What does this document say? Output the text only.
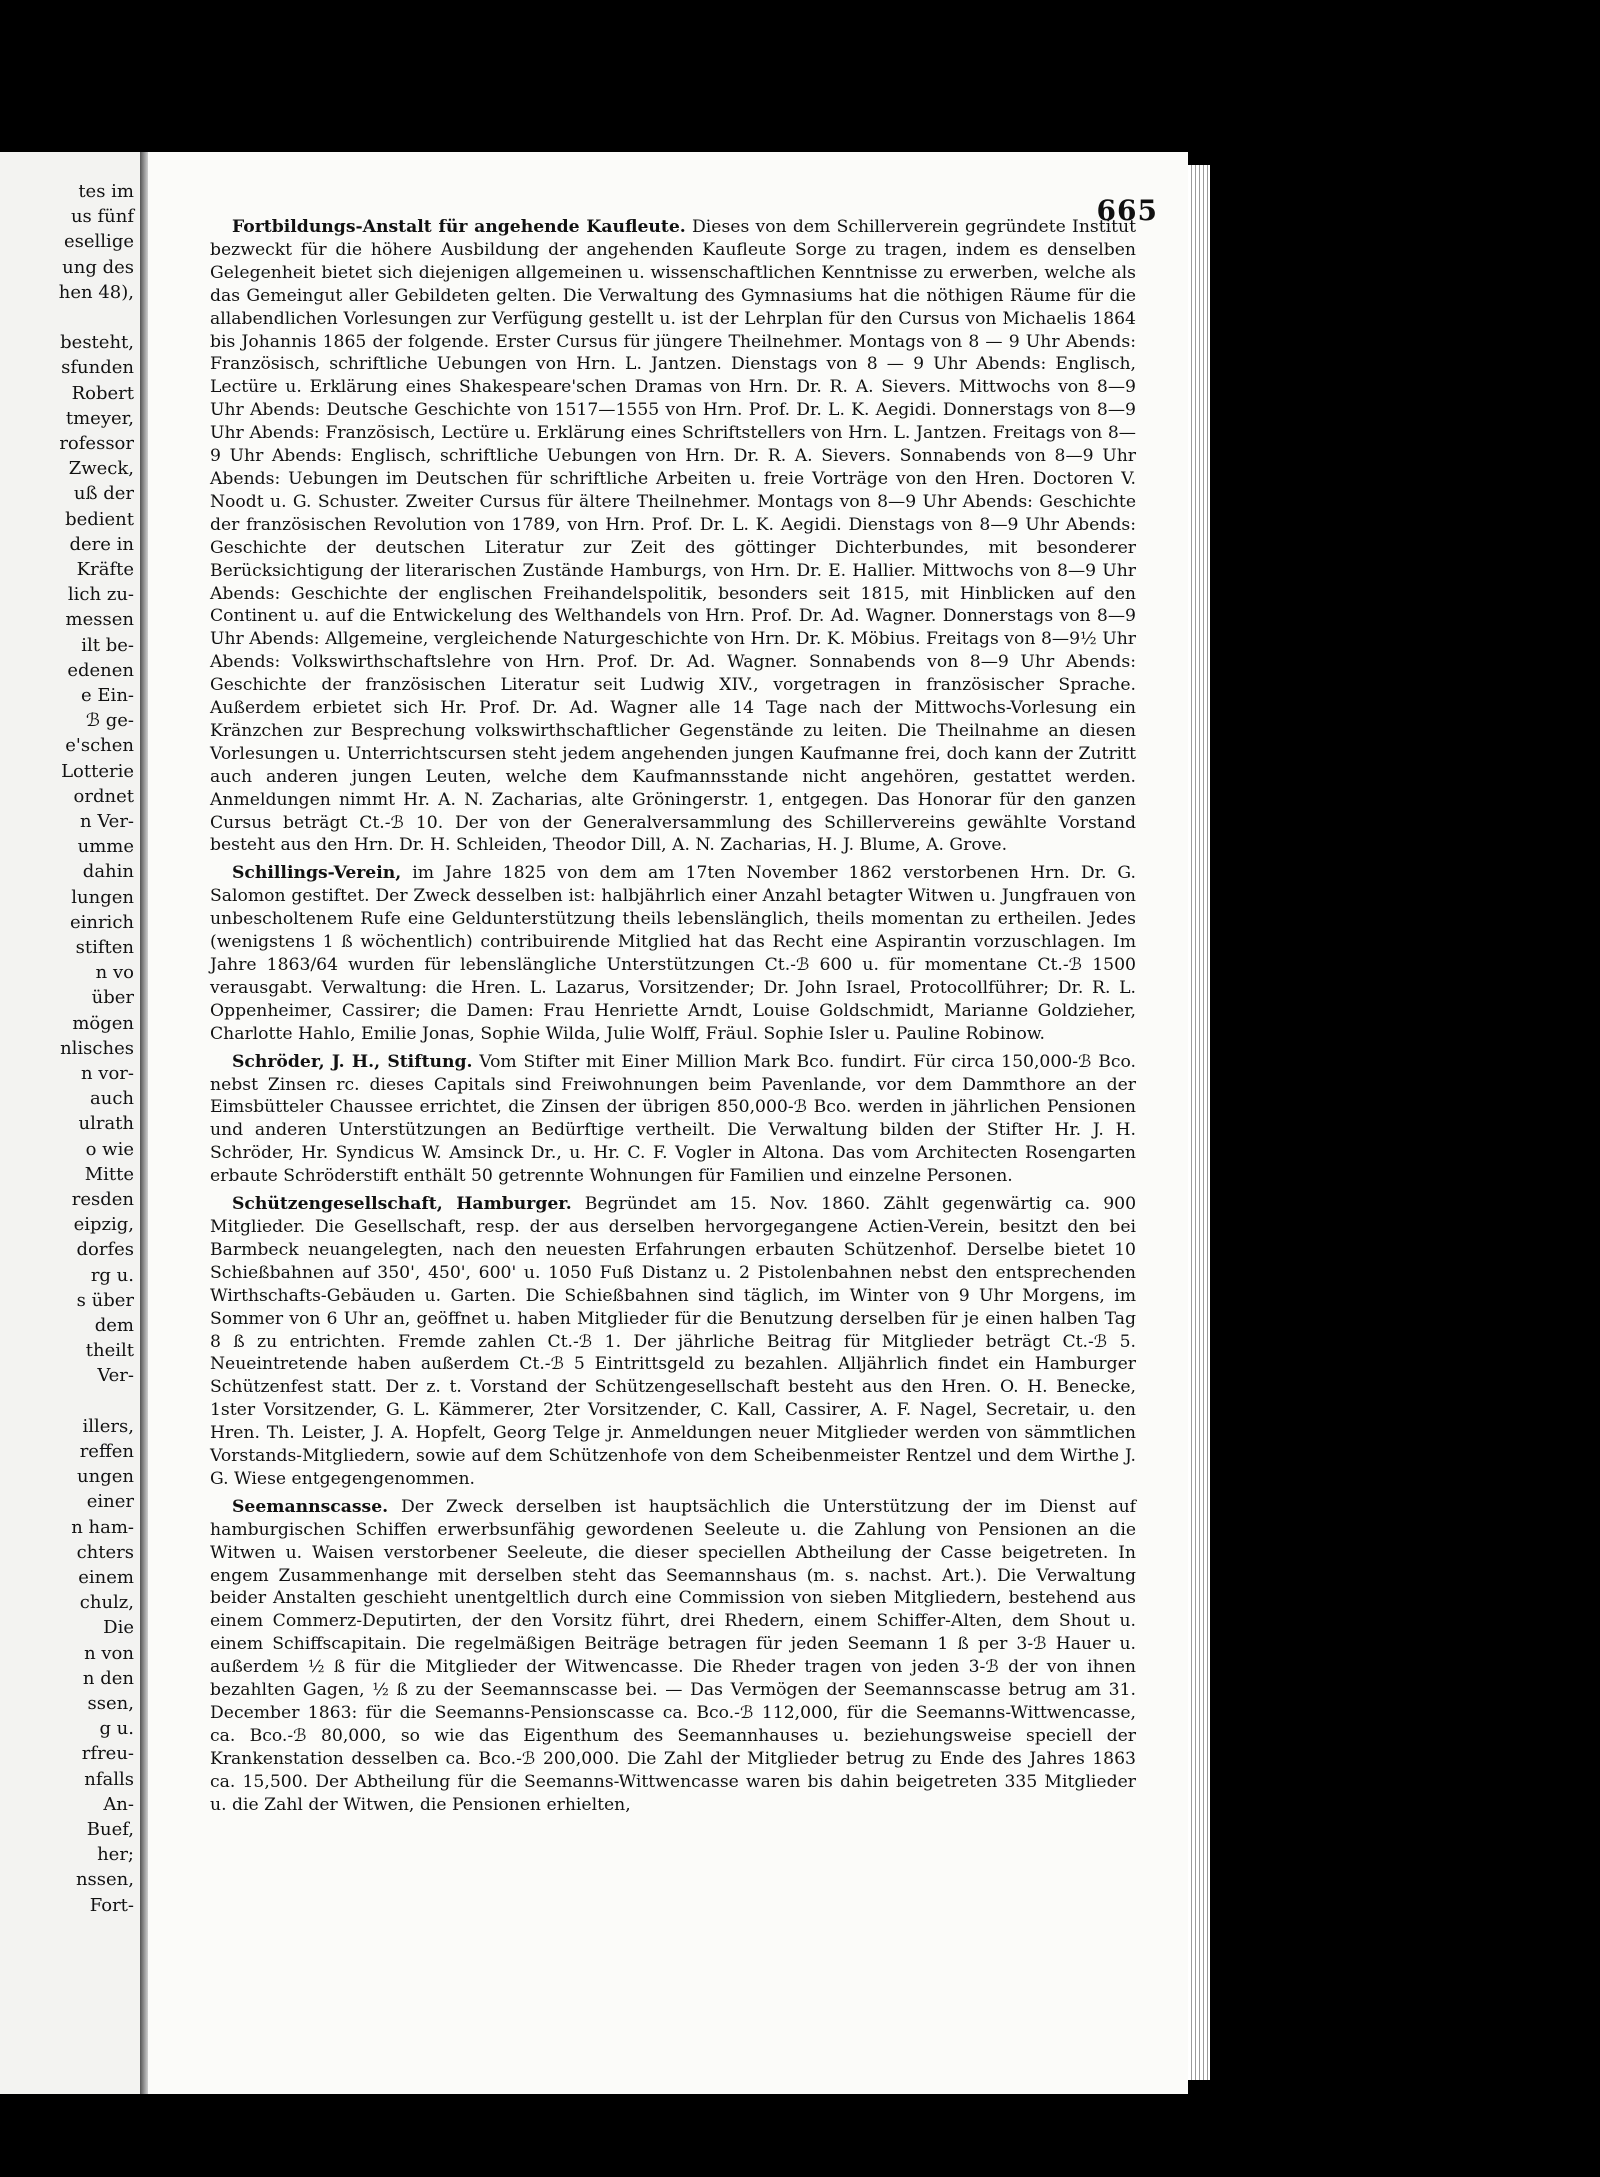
tes im
us fünf
esellige
ung des
hen 48),
besteht,
sfunden
Robert
tmeyer,
rofessor
Zweck,
uß der
bedient
dere in
Kräfte
lich zu-
messen
ilt be-
edenen
e Ein-
ℬ ge-
e'schen
Lotterie
ordnet
n Ver-
umme
dahin
lungen
einrich
stiften
n vo
über
mögen
nlisches
n vor-
auch
ulrath
o wie
Mitte
resden
eipzig,
dorfes
rg u.
s über
dem
theilt
Ver-
illers,
reffen
ungen
einer
n ham-
chters
einem
chulz,
Die
n von
n den
ssen,
g u.
rfreu-
nfalls
An-
Buef,
her;
nssen,
Fort-
665

Fortbildungs-Anstalt für angehende Kaufleute. Dieses von dem Schillerverein gegründete Institut bezweckt für die höhere Ausbildung der angehenden Kaufleute Sorge zu tragen, indem es denselben Gelegenheit bietet sich diejenigen allgemeinen u. wissenschaftlichen Kenntnisse zu erwerben, welche als das Gemeingut aller Gebildeten gelten. Die Verwaltung des Gymnasiums hat die nöthigen Räume für die allabendlichen Vorlesungen zur Verfügung gestellt u. ist der Lehrplan für den Cursus von Michaelis 1864 bis Johannis 1865 der folgende. Erster Cursus für jüngere Theilnehmer. Montags von 8 — 9 Uhr Abends: Französisch, schriftliche Uebungen von Hrn. L. Jantzen. Dienstags von 8 — 9 Uhr Abends: Englisch, Lectüre u. Erklärung eines Shakespeare'schen Dramas von Hrn. Dr. R. A. Sievers. Mittwochs von 8—9 Uhr Abends: Deutsche Geschichte von 1517—1555 von Hrn. Prof. Dr. L. K. Aegidi. Donnerstags von 8—9 Uhr Abends: Französisch, Lectüre u. Erklärung eines Schriftstellers von Hrn. L. Jantzen. Freitags von 8—9 Uhr Abends: Englisch, schriftliche Uebungen von Hrn. Dr. R. A. Sievers. Sonnabends von 8—9 Uhr Abends: Uebungen im Deutschen für schriftliche Arbeiten u. freie Vorträge von den Hren. Doctoren V. Noodt u. G. Schuster. Zweiter Cursus für ältere Theilnehmer. Montags von 8—9 Uhr Abends: Geschichte der französischen Revolution von 1789, von Hrn. Prof. Dr. L. K. Aegidi. Dienstags von 8—9 Uhr Abends: Geschichte der deutschen Literatur zur Zeit des göttinger Dichterbundes, mit besonderer Berücksichtigung der literarischen Zustände Hamburgs, von Hrn. Dr. E. Hallier. Mittwochs von 8—9 Uhr Abends: Geschichte der englischen Freihandelspolitik, besonders seit 1815, mit Hinblicken auf den Continent u. auf die Entwickelung des Welthandels von Hrn. Prof. Dr. Ad. Wagner. Donnerstags von 8—9 Uhr Abends: Allgemeine, vergleichende Naturgeschichte von Hrn. Dr. K. Möbius. Freitags von 8—9½ Uhr Abends: Volkswirthschaftslehre von Hrn. Prof. Dr. Ad. Wagner. Sonnabends von 8—9 Uhr Abends: Geschichte der französischen Literatur seit Ludwig XIV., vorgetragen in französischer Sprache. Außerdem erbietet sich Hr. Prof. Dr. Ad. Wagner alle 14 Tage nach der Mittwochs-Vorlesung ein Kränzchen zur Besprechung volkswirthschaftlicher Gegenstände zu leiten. Die Theilnahme an diesen Vorlesungen u. Unterrichtscursen steht jedem angehenden jungen Kaufmanne frei, doch kann der Zutritt auch anderen jungen Leuten, welche dem Kaufmannsstande nicht angehören, gestattet werden. Anmeldungen nimmt Hr. A. N. Zacharias, alte Gröningerstr. 1, entgegen. Das Honorar für den ganzen Cursus beträgt Ct.-ℬ 10. Der von der Generalversammlung des Schillervereins gewählte Vorstand besteht aus den Hrn. Dr. H. Schleiden, Theodor Dill, A. N. Zacharias, H. J. Blume, A. Grove.

Schillings-Verein, im Jahre 1825 von dem am 17ten November 1862 verstorbenen Hrn. Dr. G. Salomon gestiftet. Der Zweck desselben ist: halbjährlich einer Anzahl betagter Witwen u. Jungfrauen von unbescholtenem Rufe eine Geldunterstützung theils lebenslänglich, theils momentan zu ertheilen. Jedes (wenigstens 1 ß wöchentlich) contribuirende Mitglied hat das Recht eine Aspirantin vorzuschlagen. Im Jahre 1863/64 wurden für lebenslängliche Unterstützungen Ct.-ℬ 600 u. für momentane Ct.-ℬ 1500 verausgabt. Verwaltung: die Hren. L. Lazarus, Vorsitzender; Dr. John Israel, Protocollführer; Dr. R. L. Oppenheimer, Cassirer; die Damen: Frau Henriette Arndt, Louise Goldschmidt, Marianne Goldzieher, Charlotte Hahlo, Emilie Jonas, Sophie Wilda, Julie Wolff, Fräul. Sophie Isler u. Pauline Robinow.

Schröder, J. H., Stiftung. Vom Stifter mit Einer Million Mark Bco. fundirt. Für circa 150,000-ℬ Bco. nebst Zinsen rc. dieses Capitals sind Freiwohnungen beim Pavenlande, vor dem Dammthore an der Eimsbütteler Chaussee errichtet, die Zinsen der übrigen 850,000-ℬ Bco. werden in jährlichen Pensionen und anderen Unterstützungen an Bedürftige vertheilt. Die Verwaltung bilden der Stifter Hr. J. H. Schröder, Hr. Syndicus W. Amsinck Dr., u. Hr. C. F. Vogler in Altona. Das vom Architecten Rosengarten erbaute Schröderstift enthält 50 getrennte Wohnungen für Familien und einzelne Personen.

Schützengesellschaft, Hamburger. Begründet am 15. Nov. 1860. Zählt gegenwärtig ca. 900 Mitglieder. Die Gesellschaft, resp. der aus derselben hervorgegangene Actien-Verein, besitzt den bei Barmbeck neuangelegten, nach den neuesten Erfahrungen erbauten Schützenhof. Derselbe bietet 10 Schießbahnen auf 350', 450', 600' u. 1050 Fuß Distanz u. 2 Pistolenbahnen nebst den entsprechenden Wirthschafts-Gebäuden u. Garten. Die Schießbahnen sind täglich, im Winter von 9 Uhr Morgens, im Sommer von 6 Uhr an, geöffnet u. haben Mitglieder für die Benutzung derselben für je einen halben Tag 8 ß zu entrichten. Fremde zahlen Ct.-ℬ 1. Der jährliche Beitrag für Mitglieder beträgt Ct.-ℬ 5. Neueintretende haben außerdem Ct.-ℬ 5 Eintrittsgeld zu bezahlen. Alljährlich findet ein Hamburger Schützenfest statt. Der z. t. Vorstand der Schützengesellschaft besteht aus den Hren. O. H. Benecke, 1ster Vorsitzender, G. L. Kämmerer, 2ter Vorsitzender, C. Kall, Cassirer, A. F. Nagel, Secretair, u. den Hren. Th. Leister, J. A. Hopfelt, Georg Telge jr. Anmeldungen neuer Mitglieder werden von sämmtlichen Vorstands-Mitgliedern, sowie auf dem Schützenhofe von dem Scheibenmeister Rentzel und dem Wirthe J. G. Wiese entgegengenommen.

Seemannscasse. Der Zweck derselben ist hauptsächlich die Unterstützung der im Dienst auf hamburgischen Schiffen erwerbsunfähig gewordenen Seeleute u. die Zahlung von Pensionen an die Witwen u. Waisen verstorbener Seeleute, die dieser speciellen Abtheilung der Casse beigetreten. In engem Zusammenhange mit derselben steht das Seemannshaus (m. s. nachst. Art.). Die Verwaltung beider Anstalten geschieht unentgeltlich durch eine Commission von sieben Mitgliedern, bestehend aus einem Commerz-Deputirten, der den Vorsitz führt, drei Rhedern, einem Schiffer-Alten, dem Shout u. einem Schiffscapitain. Die regelmäßigen Beiträge betragen für jeden Seemann 1 ß per 3-ℬ Hauer u. außerdem ½ ß für die Mitglieder der Witwencasse. Die Rheder tragen von jeden 3-ℬ der von ihnen bezahlten Gagen, ½ ß zu der Seemannscasse bei. — Das Vermögen der Seemannscasse betrug am 31. December 1863: für die Seemanns-Pensionscasse ca. Bco.-ℬ 112,000, für die Seemanns-Wittwencasse, ca. Bco.-ℬ 80,000, so wie das Eigenthum des Seemannhauses u. beziehungsweise speciell der Krankenstation desselben ca. Bco.-ℬ 200,000. Die Zahl der Mitglieder betrug zu Ende des Jahres 1863 ca. 15,500. Der Abtheilung für die Seemanns-Wittwencasse waren bis dahin beigetreten 335 Mitglieder u. die Zahl der Witwen, die Pensionen erhielten,
